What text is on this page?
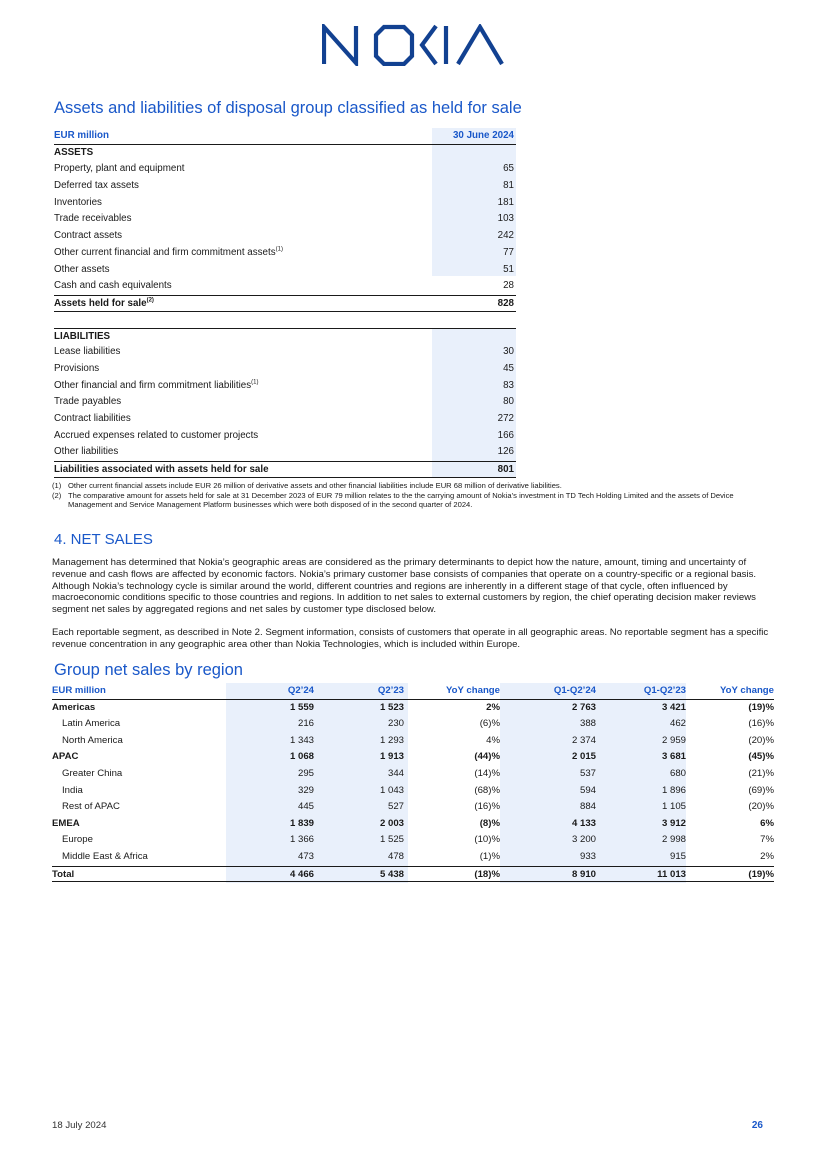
Assets and liabilities of disposal group classified as held for sale
EUR million	30 June 2024
ASSETS
Property, plant and equipment	65
Deferred tax assets	81
Inventories	181
Trade receivables	103
Contract assets	242
Other current financial and firm commitment assets$^{(1)}$	77
Other assets	51
Cash and cash equivalents	28
Assets held for sale$^{(2)}$	828
LIABILITIES
Lease liabilities	30
Provisions	45
Other financial and firm commitment liabilities$^{(1)}$	83
Trade payables	80
Contract liabilities	272
Accrued expenses related to customer projects	166
Other liabilities	126
Liabilities associated with assets held for sale	801
(1) Other current financial assets include EUR 26 million of derivative assets and other financial liabilities include EUR 68 million of derivative liabilities.
(2) The comparative amount for assets held for sale at 31 December 2023 of EUR 79 million relates to the the carrying amount of Nokia’s investment in TD Tech Holding Limited and the assets of Device Management and Service Management Platform businesses which were both disposed of in the second quarter of 2024.
4. NET SALES
Management has determined that Nokia’s geographic areas are considered as the primary determinants to depict how the nature, amount, timing and uncertainty of revenue and cash flows are affected by economic factors. Nokia’s primary customer base consists of companies that operate on a country-specific or a regional basis. Although Nokia’s technology cycle is similar around the world, different countries and regions are inherently in a different stage of that cycle, often influenced by macroeconomic conditions specific to those countries and regions. In addition to net sales to external customers by region, the chief operating decision maker reviews segment net sales by aggregated regions and net sales by customer type disclosed below.
Each reportable segment, as described in Note 2. Segment information, consists of customers that operate in all geographic areas. No reportable segment has a specific revenue concentration in any geographic area other than Nokia Technologies, which is included within Europe.
Group net sales by region
EUR million	Q2’24	Q2’23	YoY change	Q1-Q2’24	Q1-Q2’23	YoY change
Americas	1 559	1 523	2%	2 763	3 421	(19)%
Latin America	216	230	(6)%	388	462	(16)%
North America	1 343	1 293	4%	2 374	2 959	(20)%
APAC	1 068	1 913	(44)%	2 015	3 681	(45)%
Greater China	295	344	(14)%	537	680	(21)%
India	329	1 043	(68)%	594	1 896	(69)%
Rest of APAC	445	527	(16)%	884	1 105	(20)%
EMEA	1 839	2 003	(8)%	4 133	3 912	6%
Europe	1 366	1 525	(10)%	3 200	2 998	7%
Middle East & Africa	473	478	(1)%	933	915	2%
Total	4 466	5 438	(18)%	8 910	11 013	(19)%
18 July 2024	26
